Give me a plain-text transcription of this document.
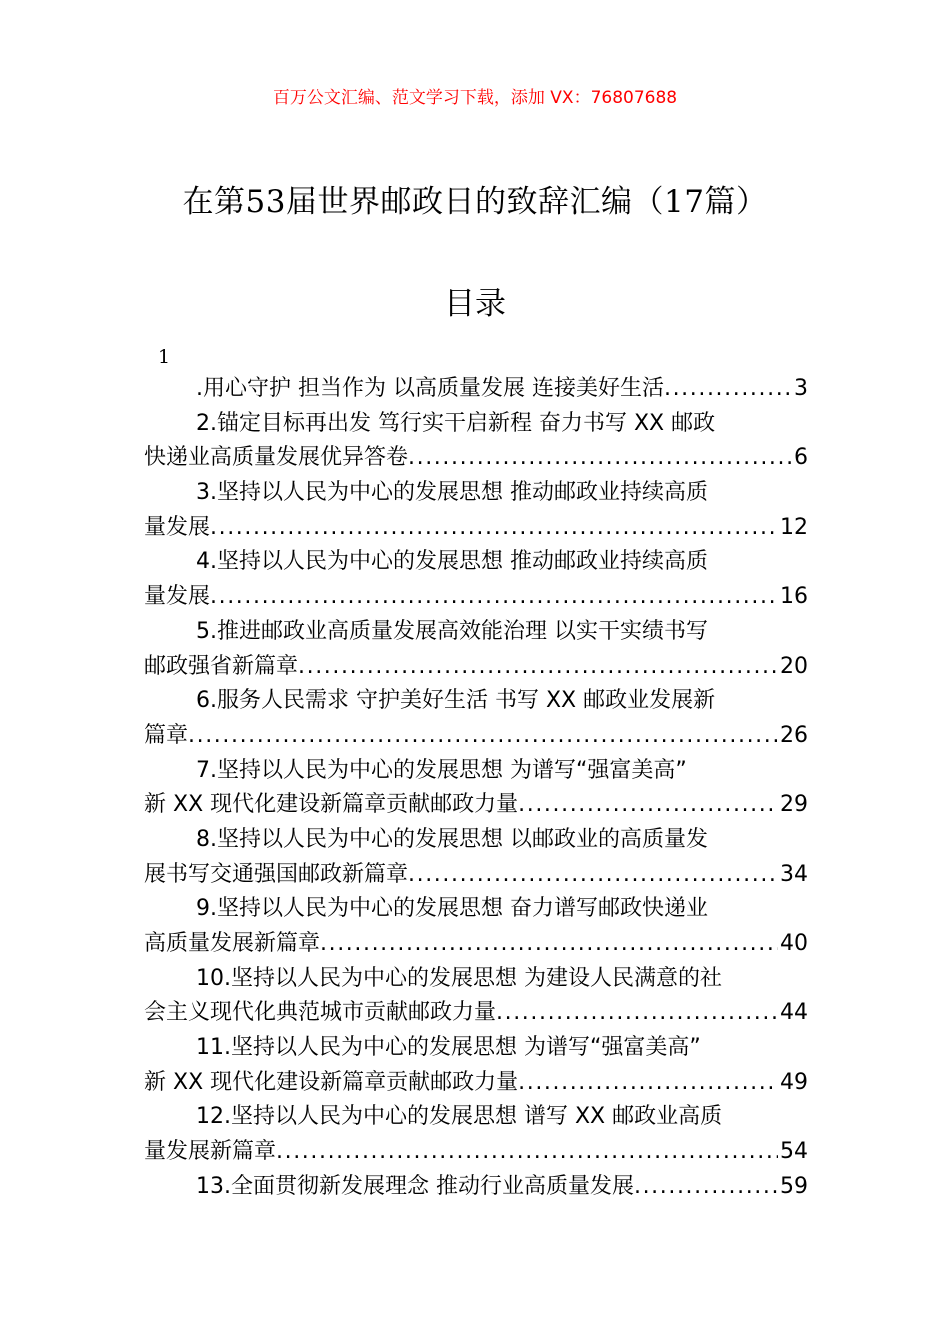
百万公文汇编、范文学习下载，添加 VX：76807688
在第53届世界邮政日的致辞汇编（17篇）
目录
1
.用心守护 担当作为 以高质量发展 连接美好生活 .....	3
2.锚定目标再出发 笃行实干启新程 奋力书写 XX 邮政
快递业高质量发展优异答卷 .....	6
3.坚持以人民为中心的发展思想 推动邮政业持续高质
量发展 .....	12
4.坚持以人民为中心的发展思想 推动邮政业持续高质
量发展 .....	16
5.推进邮政业高质量发展高效能治理 以实干实绩书写
邮政强省新篇章 .....	20
6.服务人民需求 守护美好生活 书写 XX 邮政业发展新
篇章 .....	26
7.坚持以人民为中心的发展思想 为谱写“强富美高”
新 XX 现代化建设新篇章贡献邮政力量 .....	29
8.坚持以人民为中心的发展思想 以邮政业的高质量发
展书写交通强国邮政新篇章 .....	34
9.坚持以人民为中心的发展思想 奋力谱写邮政快递业
高质量发展新篇章 .....	40
10.坚持以人民为中心的发展思想 为建设人民满意的社
会主义现代化典范城市贡献邮政力量 .....	44
11.坚持以人民为中心的发展思想 为谱写“强富美高”
新 XX 现代化建设新篇章贡献邮政力量 .....	49
12.坚持以人民为中心的发展思想 谱写 XX 邮政业高质
量发展新篇章 .....	54
13.全面贯彻新发展理念 推动行业高质量发展 .....	59
